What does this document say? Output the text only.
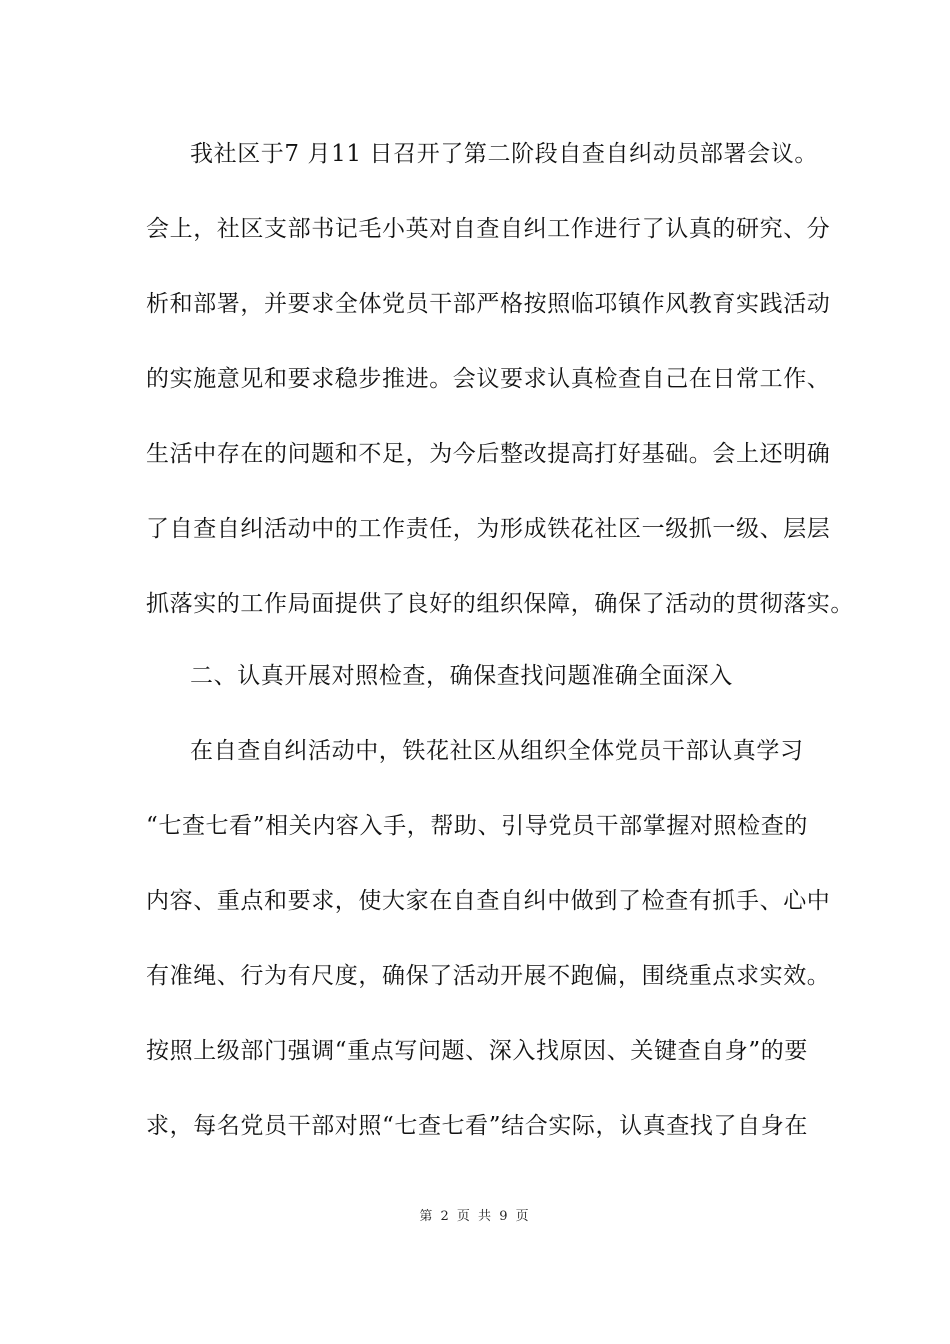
我社区于7 月11 日召开了第二阶段自查自纠动员部署会议。
会上，社区支部书记毛小英对自查自纠工作进行了认真的研究、分
析和部署，并要求全体党员干部严格按照临邛镇作风教育实践活动
的实施意见和要求稳步推进。会议要求认真检查自己在日常工作、
生活中存在的问题和不足，为今后整改提高打好基础。会上还明确
了自查自纠活动中的工作责任，为形成铁花社区一级抓一级、层层
抓落实的工作局面提供了良好的组织保障，确保了活动的贯彻落实。
二、认真开展对照检查，确保查找问题准确全面深入
在自查自纠活动中，铁花社区从组织全体党员干部认真学习
“七查七看”相关内容入手，帮助、引导党员干部掌握对照检查的
内容、重点和要求，使大家在自查自纠中做到了检查有抓手、心中
有准绳、行为有尺度，确保了活动开展不跑偏，围绕重点求实效。
按照上级部门强调“重点写问题、深入找原因、关键查自身”的要
求，每名党员干部对照“七查七看”结合实际，认真查找了自身在
第 2 页 共 9 页
